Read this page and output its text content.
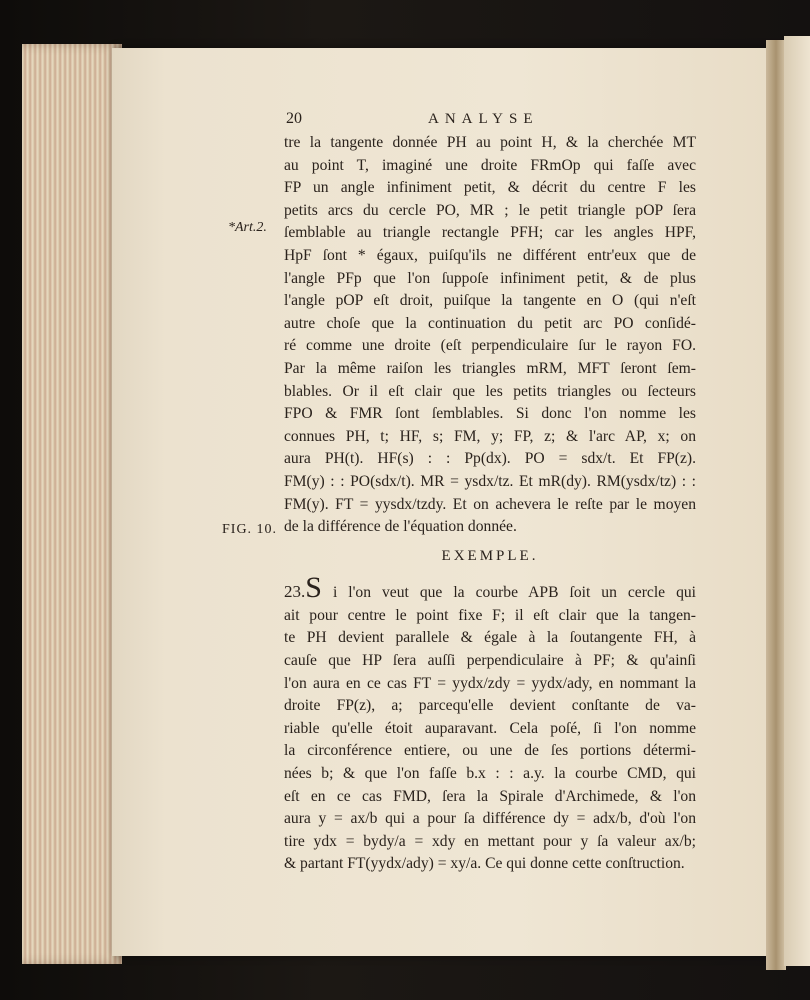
*Art.2.
FIG. 10.
20	ANALYSE
tre la tangente donnée PH au point H, & la cherchée MT
au point T, imaginé une droite FRmOp qui faſſe avec
FP un angle infiniment petit, & décrit du centre F les
petits arcs du cercle PO, MR ; le petit triangle pOP ſera
ſemblable au triangle rectangle PFH; car les angles HPF,
HpF ſont * égaux, puiſqu'ils ne différent entr'eux que de
l'angle PFp que l'on ſuppoſe infiniment petit, & de plus
l'angle pOP eſt droit, puiſque la tangente en O (qui n'eſt
autre choſe que la continuation du petit arc PO conſidé-
ré comme une droite (eſt perpendiculaire ſur le rayon FO.
Par la même raiſon les triangles mRM, MFT ſeront ſem-
blables. Or il eſt clair que les petits triangles ou ſecteurs
FPO & FMR ſont ſemblables. Si donc l'on nomme les
connues PH, t; HF, s; FM, y; FP, z; & l'arc AP, x; on
aura PH(t). HF(s) : : Pp(dx). PO = sdx/t. Et FP(z).
FM(y) : : PO(sdx/t). MR = ysdx/tz. Et mR(dy). RM(ysdx/tz) : :
FM(y). FT = yysdx/tzdy. Et on achevera le reſte par le moyen
de la différence de l'équation donnée.
EXEMPLE.
23.S i l'on veut que la courbe APB ſoit un cercle qui
ait pour centre le point fixe F; il eſt clair que la tangen-
te PH devient parallele & égale à la ſoutangente FH, à
cauſe que HP ſera auſſi perpendiculaire à PF; & qu'ainſi
l'on aura en ce cas FT = yydx/zdy = yydx/ady, en nommant la
droite FP(z), a; parcequ'elle devient conſtante de va-
riable qu'elle étoit auparavant. Cela poſé, ſi l'on nomme
la circonférence entiere, ou une de ſes portions détermi-
nées b; & que l'on faſſe b.x : : a.y. la courbe CMD, qui
eſt en ce cas FMD, ſera la Spirale d'Archimede, & l'on
aura y = ax/b qui a pour ſa différence dy = adx/b, d'où l'on
tire ydx = bydy/a = xdy en mettant pour y ſa valeur ax/b;
& partant FT(yydx/ady) = xy/a. Ce qui donne cette conſtruction.
